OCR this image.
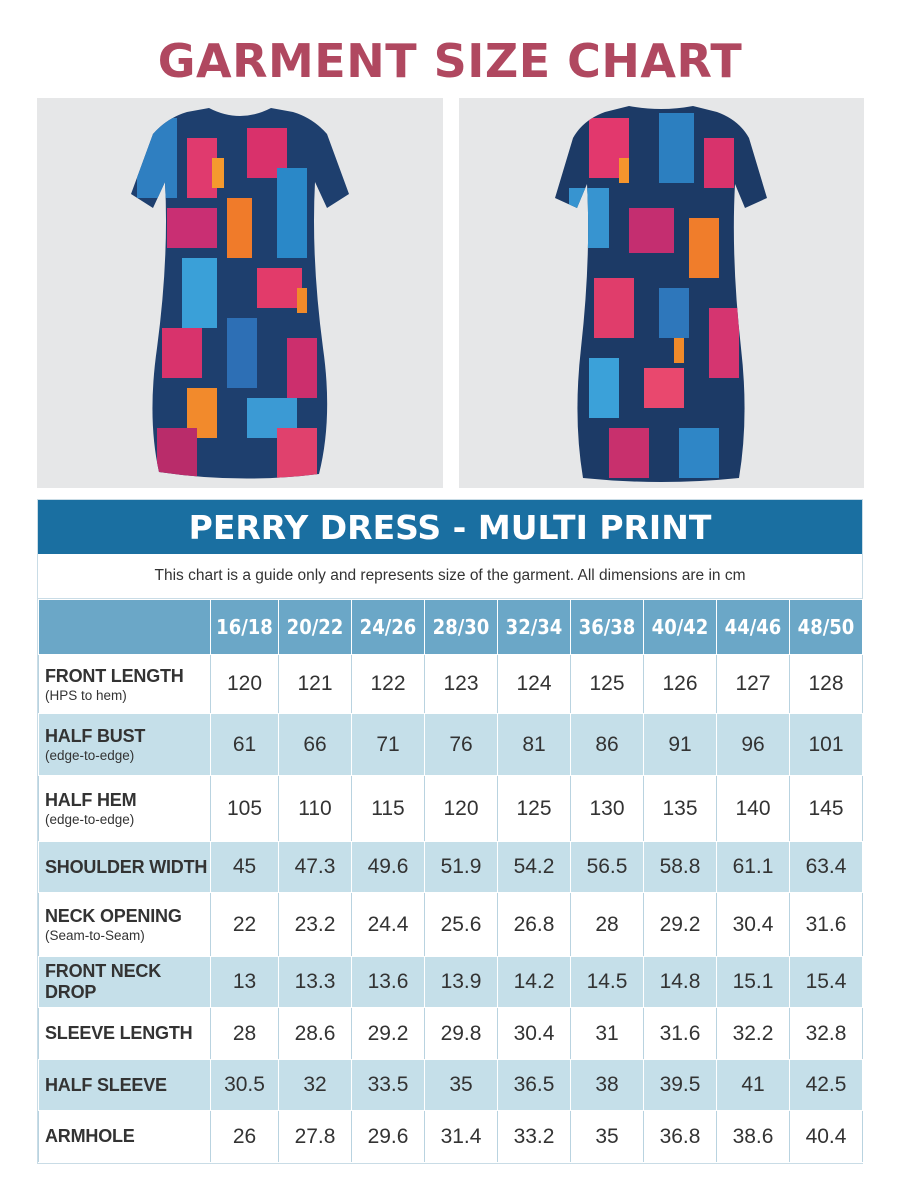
GARMENT SIZE CHART
PERRY DRESS - MULTI PRINT
This chart is a guide only and represents size of the garment. All dimensions are in cm
	16/18	20/22	24/26	28/30	32/34	36/38	40/42	44/46	48/50

FRONT LENGTH
(HPS to hem)	120	121	122	123	124	125	126	127	128

HALF BUST
(edge-to-edge)	61	66	71	76	81	86	91	96	101

HALF HEM
(edge-to-edge)	105	110	115	120	125	130	135	140	145

SHOULDER WIDTH	45	47.3	49.6	51.9	54.2	56.5	58.8	61.1	63.4

NECK OPENING
(Seam-to-Seam)	22	23.2	24.4	25.6	26.8	28	29.2	30.4	31.6

FRONT NECK DROP	13	13.3	13.6	13.9	14.2	14.5	14.8	15.1	15.4

SLEEVE LENGTH	28	28.6	29.2	29.8	30.4	31	31.6	32.2	32.8

HALF SLEEVE	30.5	32	33.5	35	36.5	38	39.5	41	42.5

ARMHOLE	26	27.8	29.6	31.4	33.2	35	36.8	38.6	40.4
